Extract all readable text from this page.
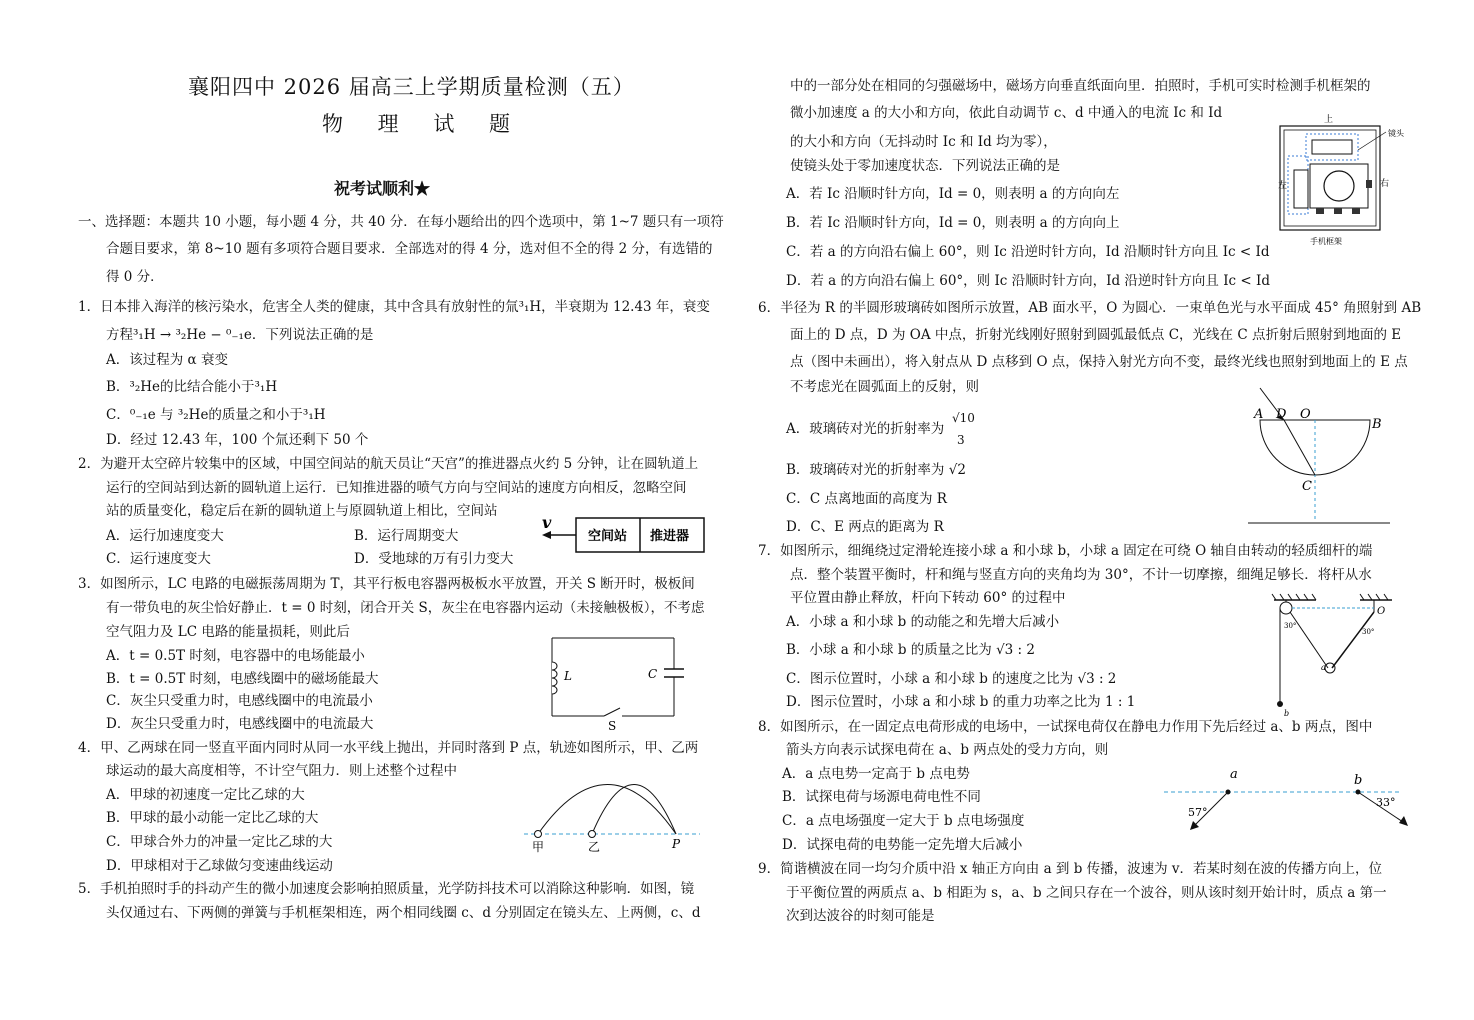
襄阳四中 2026 届高三上学期质量检测（五）
物 理 试 题
祝考试顺利★
一、选择题：本题共 10 小题，每小题 4 分，共 40 分．在每小题给出的四个选项中，第 1~7 题只有一项符
合题目要求，第 8~10 题有多项符合题目要求．全部选对的得 4 分，选对但不全的得 2 分，有选错的
得 0 分．
1．日本排入海洋的核污染水，危害全人类的健康，其中含具有放射性的氚³₁H，半衰期为 12.43 年，衰变
方程³₁H → ³₂He − ⁰₋₁e．下列说法正确的是
A．该过程为 α 衰变
B．³₂He的比结合能小于³₁H
C．⁰₋₁e 与 ³₂He的质量之和小于³₁H
D．经过 12.43 年，100 个氚还剩下 50 个
2．为避开太空碎片较集中的区域，中国空间站的航天员让“天宫”的推进器点火约 5 分钟，让在圆轨道上
运行的空间站到达新的圆轨道上运行．已知推进器的喷气方向与空间站的速度方向相反，忽略空间
站的质量变化，稳定后在新的圆轨道上与原圆轨道上相比，空间站
A．运行加速度变大	B．运行周期变大
C．运行速度变大	D．受地球的万有引力变大
v
空间站 推进器
3．如图所示，LC 电路的电磁振荡周期为 T，其平行板电容器两极板水平放置，开关 S 断开时，极板间
有一带负电的灰尘恰好静止．t = 0 时刻，闭合开关 S，灰尘在电容器内运动（未接触极板），不考虑
空气阻力及 LC 电路的能量损耗，则此后
A．t = 0.5T 时刻，电容器中的电场能最小
B．t = 0.5T 时刻，电感线圈中的磁场能最大
C．灰尘只受重力时，电感线圈中的电流最小
D．灰尘只受重力时，电感线圈中的电流最大
L	C
S
4．甲、乙两球在同一竖直平面内同时从同一水平线上抛出，并同时落到 P 点，轨迹如图所示，甲、乙两
球运动的最大高度相等，不计空气阻力．则上述整个过程中
A．甲球的初速度一定比乙球的大
B．甲球的最小动能一定比乙球的大
C．甲球合外力的冲量一定比乙球的大
D．甲球相对于乙球做匀变速曲线运动
甲	乙	P
5．手机拍照时手的抖动产生的微小加速度会影响拍照质量，光学防抖技术可以消除这种影响．如图，镜
头仅通过右、下两侧的弹簧与手机框架相连，两个相同线圈 c、d 分别固定在镜头左、上两侧，c、d
中的一部分处在相同的匀强磁场中，磁场方向垂直纸面向里．拍照时，手机可实时检测手机框架的
微小加速度 a 的大小和方向，依此自动调节 c、d 中通入的电流 Ic 和 Id
的大小和方向（无抖动时 Ic 和 Id 均为零），
使镜头处于零加速度状态．下列说法正确的是
A．若 Ic 沿顺时针方向，Id = 0，则表明 a 的方向向左
B．若 Ic 沿顺时针方向，Id = 0，则表明 a 的方向向上
C．若 a 的方向沿右偏上 60°，则 Ic 沿逆时针方向，Id 沿顺时针方向且 Ic < Id
D．若 a 的方向沿右偏上 60°，则 Ic 沿顺时针方向，Id 沿逆时针方向且 Ic < Id
上
左	右
镜头
手机框架
6．半径为 R 的半圆形玻璃砖如图所示放置，AB 面水平，O 为圆心．一束单色光与水平面成 45° 角照射到 AB
面上的 D 点，D 为 OA 中点，折射光线刚好照射到圆弧最低点 C，光线在 C 点折射后照射到地面的 E
点（图中未画出），将入射点从 D 点移到 O 点，保持入射光方向不变，最终光线也照射到地面上的 E 点
不考虑光在圆弧面上的反射，则
A．玻璃砖对光的折射率为
√10
3
B．玻璃砖对光的折射率为 √2
C．C 点离地面的高度为 R
D．C、E 两点的距离为 R
A D O
B
C
7．如图所示，细绳绕过定滑轮连接小球 a 和小球 b，小球 a 固定在可绕 O 轴自由转动的轻质细杆的端
点．整个装置平衡时，杆和绳与竖直方向的夹角均为 30°，不计一切摩擦，细绳足够长．将杆从水
平位置由静止释放，杆向下转动 60° 的过程中
A．小球 a 和小球 b 的动能之和先增大后减小
B．小球 a 和小球 b 的质量之比为 √3 : 2
C．图示位置时，小球 a 和小球 b 的速度之比为 √3 : 2
D．图示位置时，小球 a 和小球 b 的重力功率之比为 1 : 1
O
a
b
30°
30°
8．如图所示，在一固定点电荷形成的电场中，一试探电荷仅在静电力作用下先后经过 a、b 两点，图中
箭头方向表示试探电荷在 a、b 两点处的受力方向，则
A．a 点电势一定高于 b 点电势
B．试探电荷与场源电荷电性不同
C．a 点电场强度一定大于 b 点电场强度
D．试探电荷的电势能一定先增大后减小
a	b
57°
33°
9．简谐横波在同一均匀介质中沿 x 轴正方向由 a 到 b 传播，波速为 v．若某时刻在波的传播方向上，位
于平衡位置的两质点 a、b 相距为 s，a、b 之间只存在一个波谷，则从该时刻开始计时，质点 a 第一
次到达波谷的时刻可能是
